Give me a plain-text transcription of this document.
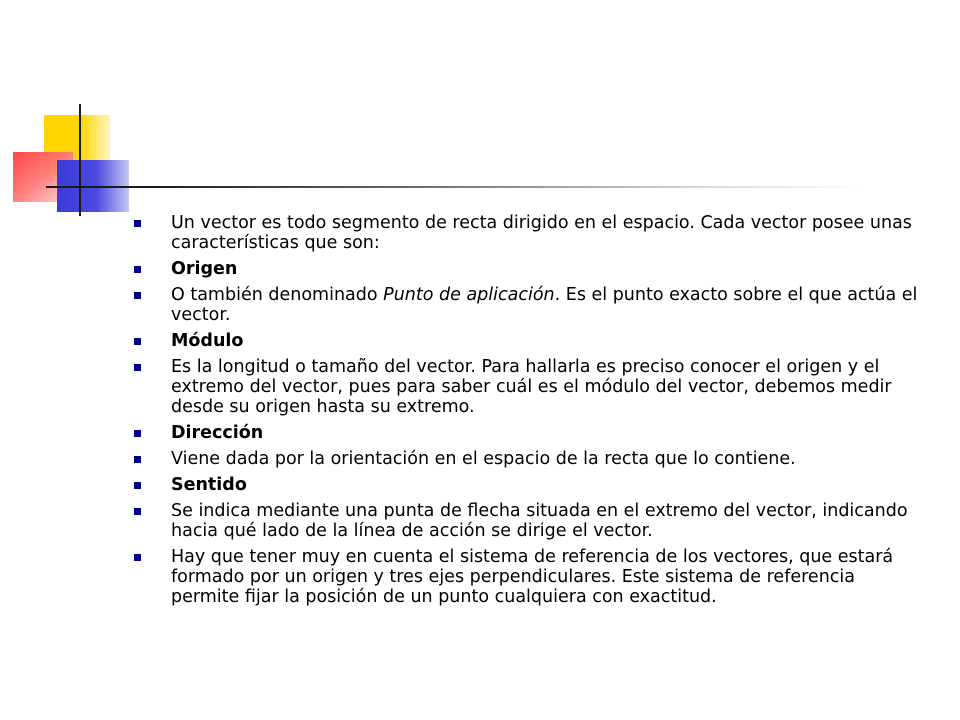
Un vector es todo segmento de recta dirigido en el espacio. Cada vector posee unas características que son:
Origen
O también denominado Punto de aplicación. Es el punto exacto sobre el que actúa el vector.
Módulo
Es la longitud o tamaño del vector. Para hallarla es preciso conocer el origen y el extremo del vector, pues para saber cuál es el módulo del vector, debemos medir desde su origen hasta su extremo.
Dirección
Viene dada por la orientación en el espacio de la recta que lo contiene.
Sentido
Se indica mediante una punta de flecha situada en el extremo del vector, indicando hacia qué lado de la línea de acción se dirige el vector.
Hay que tener muy en cuenta el sistema de referencia de los vectores, que estará formado por un origen y tres ejes perpendiculares. Este sistema de referencia permite fijar la posición de un punto cualquiera con exactitud.
